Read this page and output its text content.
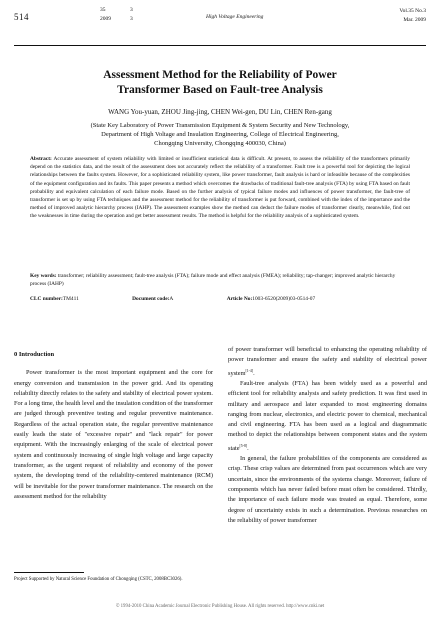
514
35
2009
3
3	High Voltage Engineering
Vol.35 No.3
Mar. 2009
Assessment Method for the Reliability of Power
Transformer Based on Fault-tree Analysis
WANG You-yuan, ZHOU Jing-jing, CHEN Wei-gen, DU Lin, CHEN Ren-gang
(State Key Laboratory of Power Transmission Equipment & System Security and New Technology,
Department of High Voltage and Insulation Engineering, College of Electrical Engineering,
Chongqing University, Chongqing 400030, China)
Abstract: Accurate assessment of system reliability with limited or insufficient statistical data is difficult. At present, to assess the reliability of the transformers primarily depend on the statistics data, and the result of the assessment does not accurately reflect the reliability of a transformer. Fault tree is a powerful tool for depicting the logical relationships between the faults system. However, for a sophisticated reliability system, like power transformer, fault analysis is hard or infeasible because of the complexities of the equipment configuration and its faults. This paper presents a method which overcomes the drawbacks of traditional fault-tree analysis (FTA) by using FTA based on fault probability and equivalent calculation of each failure mode. Based on the further analysis of typical failure modes and influences of power transformer, the fault-tree of transformer is set up by using FTA techniques and the assessment method for the reliability of transformer is put forward, combined with the index of the importance and the method of improved analytic hierarchy process (IAHP). The assessment examples show the method can deduct the failure modes of transformer clearly, meanwhile, find out the weaknesses in time during the operation and get better assessment results. The method is helpful for the reliability analysis of a sophisticated system.
Key words: transformer; reliability assessment; fault-tree analysis (FTA); failure mode and effect analysis (FMEA); reliability; tap-changer; improved analytic hierarchy process (IAHP)
CLC number:TM411	Document code:A	Article No:1003-6520(2009)03-0514-07

0 Introduction

Power transformer is the most important equipment and the core for energy conversion and transmission in the power grid. And its operating reliability directly relates to the safety and stability of electrical power system. For a long time, the health level and the insulation condition of the transformer are judged through preventive testing and regular preventive maintenance. Regardless of the actual operation state, the regular preventive maintenance easily leads the state of "excessive repair" and "lack repair" for power equipment. With the increasingly enlarging of the scale of electrical power system and continuously increasing of single high voltage and large capacity transformer, as the urgent request of reliability and economy of the power system, the developing trend of the reliability-centered maintenance (RCM) will be inevitable for the power transformer maintenance. The research on the assessment method for the reliability

of power transformer will beneficial to enhancing the operating reliability of power transformer and ensure the safety and stability of electrical power system[1-4].

Fault-tree analysis (FTA) has been widely used as a powerful and efficient tool for reliability analysis and safety prediction. It was first used in military and aerospace and later expanded to most engineering domains ranging from nuclear, electronics, and electric power to chemical, mechanical and civil engineering. FTA has been used as a logical and diagrammatic method to depict the relationships between component states and the system state[5-8].

In general, the failure probabilities of the components are considered as crisp. These crisp values are determined from past occurrences which are very uncertain, since the environments of the systems change. Moreover, failure of components which has never failed before must often be considered. Thirdly, the importance of each failure mode was treated as equal. Therefore, some degree of uncertainty exists in such a determination. Previous researches on the reliability of power transformer

Project Supported by Natural Science Foundation of Chongqing (CSTC, 2008BC3026).
© 1994-2010 China Academic Journal Electronic Publishing House. All rights reserved. http://www.cnki.net
